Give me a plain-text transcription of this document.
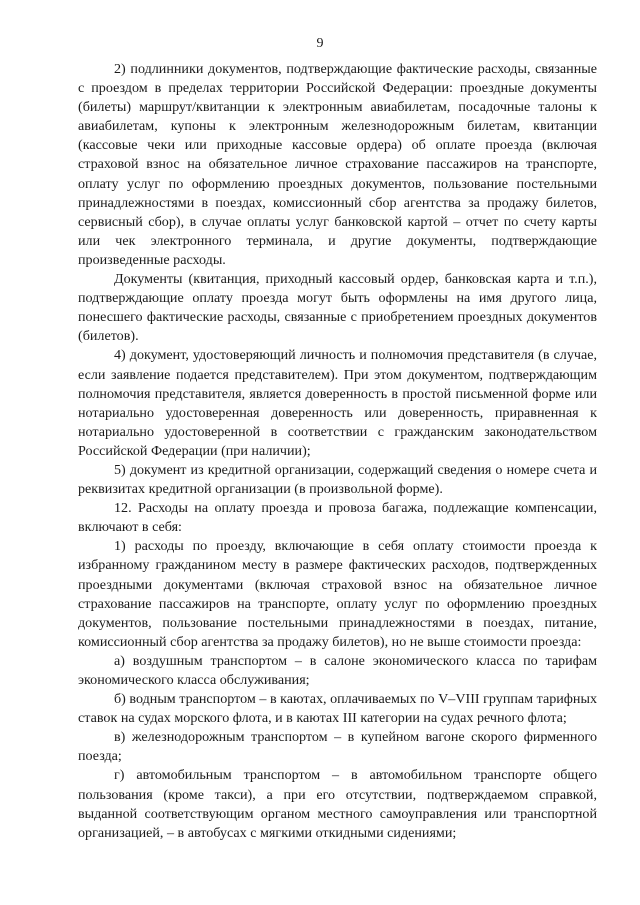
9

2) подлинники документов, подтверждающие фактические расходы, связанные с проездом в пределах территории Российской Федерации: проездные документы (билеты) маршрут/квитанции к электронным авиабилетам, посадочные талоны к авиабилетам, купоны к электронным железнодорожным билетам, квитанции (кассовые чеки или приходные кассовые ордера) об оплате проезда (включая страховой взнос на обязательное личное страхование пассажиров на транспорте, оплату услуг по оформлению проездных документов, пользование постельными принадлежностями в поездах, комиссионный сбор агентства за продажу билетов, сервисный сбор), в случае оплаты услуг банковской картой – отчет по счету карты или чек электронного терминала, и другие документы, подтверждающие произведенные расходы.

Документы (квитанция, приходный кассовый ордер, банковская карта и т.п.), подтверждающие оплату проезда могут быть оформлены на имя другого лица, понесшего фактические расходы, связанные с приобретением проездных документов (билетов).

4) документ, удостоверяющий личность и полномочия представителя (в случае, если заявление подается представителем). При этом документом, подтверждающим полномочия представителя, является доверенность в простой письменной форме или нотариально удостоверенная доверенность или доверенность, приравненная к нотариально удостоверенной в соответствии с гражданским законодательством Российской Федерации (при наличии);

5) документ из кредитной организации, содержащий сведения о номере счета и реквизитах кредитной организации (в произвольной форме).

12. Расходы на оплату проезда и провоза багажа, подлежащие компенсации, включают в себя:

1) расходы по проезду, включающие в себя оплату стоимости проезда к избранному гражданином месту в размере фактических расходов, подтвержденных проездными документами (включая страховой взнос на обязательное личное страхование пассажиров на транспорте, оплату услуг по оформлению проездных документов, пользование постельными принадлежностями в поездах, питание, комиссионный сбор агентства за продажу билетов), но не выше стоимости проезда:

а) воздушным транспортом – в салоне экономического класса по тарифам экономического класса обслуживания;

б) водным транспортом – в каютах, оплачиваемых по V–VIII группам тарифных ставок на судах морского флота, и в каютах III категории на судах речного флота;

в) железнодорожным транспортом – в купейном вагоне скорого фирменного поезда;

г) автомобильным транспортом – в автомобильном транспорте общего пользования (кроме такси), а при его отсутствии, подтверждаемом справкой, выданной соответствующим органом местного самоуправления или транспортной организацией, – в автобусах с мягкими откидными сидениями;
